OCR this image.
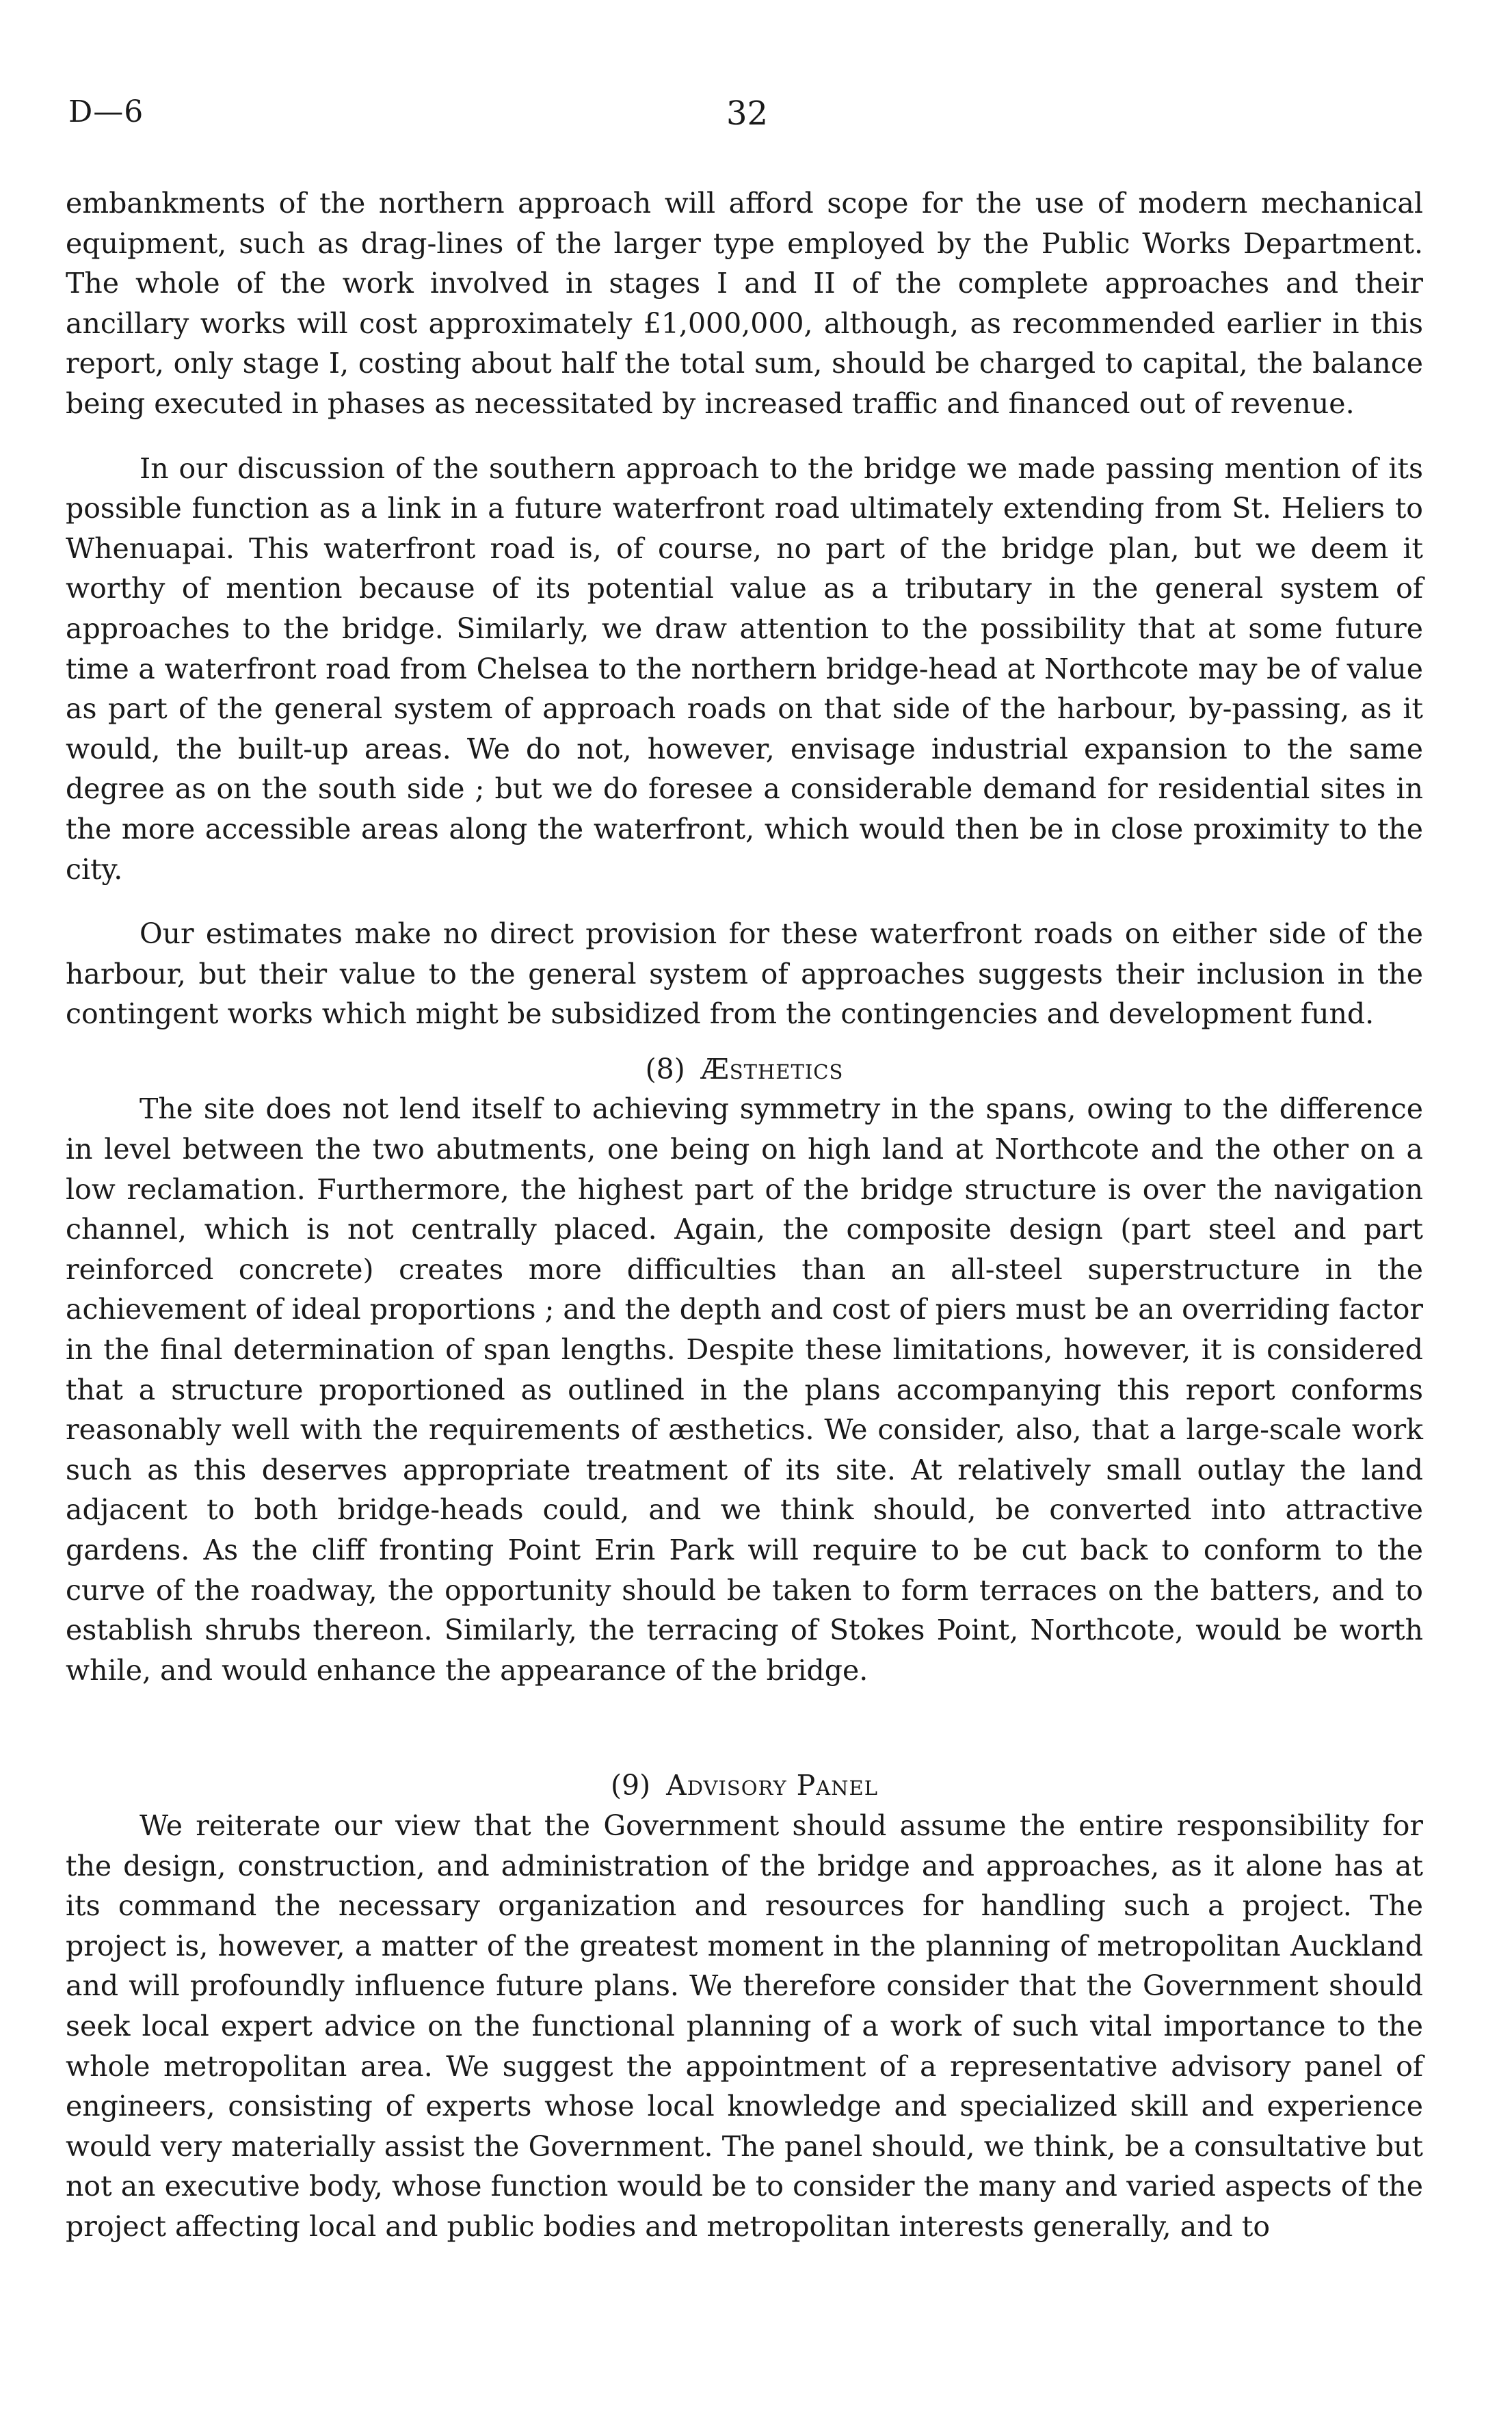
D—6	32

embankments of the northern approach will afford scope for the use of modern mechanical equipment, such as drag-lines of the larger type employed by the Public Works Department. The whole of the work involved in stages I and II of the complete approaches and their ancillary works will cost approximately £1,000,000, although, as recommended earlier in this report, only stage I, costing about half the total sum, should be charged to capital, the balance being executed in phases as necessitated by increased traffic and financed out of revenue.

In our discussion of the southern approach to the bridge we made passing mention of its possible function as a link in a future waterfront road ultimately extending from St. Heliers to Whenuapai. This waterfront road is, of course, no part of the bridge plan, but we deem it worthy of mention because of its potential value as a tributary in the general system of approaches to the bridge. Similarly, we draw attention to the possibility that at some future time a waterfront road from Chelsea to the northern bridge-head at Northcote may be of value as part of the general system of approach roads on that side of the harbour, by-passing, as it would, the built-up areas. We do not, however, envisage industrial expansion to the same degree as on the south side ; but we do foresee a considerable demand for residential sites in the more accessible areas along the waterfront, which would then be in close proximity to the city.

Our estimates make no direct provision for these waterfront roads on either side of the harbour, but their value to the general system of approaches suggests their inclusion in the contingent works which might be subsidized from the contingencies and development fund.

(8) Æsthetics

The site does not lend itself to achieving symmetry in the spans, owing to the difference in level between the two abutments, one being on high land at Northcote and the other on a low reclamation. Furthermore, the highest part of the bridge structure is over the navigation channel, which is not centrally placed. Again, the composite design (part steel and part reinforced concrete) creates more difficulties than an all-steel superstructure in the achievement of ideal proportions ; and the depth and cost of piers must be an overriding factor in the final determination of span lengths. Despite these limitations, however, it is considered that a structure proportioned as outlined in the plans accompanying this report conforms reasonably well with the requirements of æsthetics. We consider, also, that a large-scale work such as this deserves appropriate treatment of its site. At relatively small outlay the land adjacent to both bridge-heads could, and we think should, be converted into attractive gardens. As the cliff fronting Point Erin Park will require to be cut back to conform to the curve of the roadway, the opportunity should be taken to form terraces on the batters, and to establish shrubs thereon. Similarly, the terracing of Stokes Point, Northcote, would be worth while, and would enhance the appearance of the bridge.

(9) Advisory Panel

We reiterate our view that the Government should assume the entire responsibility for the design, construction, and administration of the bridge and approaches, as it alone has at its command the necessary organization and resources for handling such a project. The project is, however, a matter of the greatest moment in the planning of metropolitan Auckland and will profoundly influence future plans. We therefore consider that the Government should seek local expert advice on the functional planning of a work of such vital importance to the whole metropolitan area. We suggest the appointment of a representative advisory panel of engineers, consisting of experts whose local knowledge and specialized skill and experience would very materially assist the Government. The panel should, we think, be a consultative but not an executive body, whose function would be to consider the many and varied aspects of the project affecting local and public bodies and metropolitan interests generally, and to
